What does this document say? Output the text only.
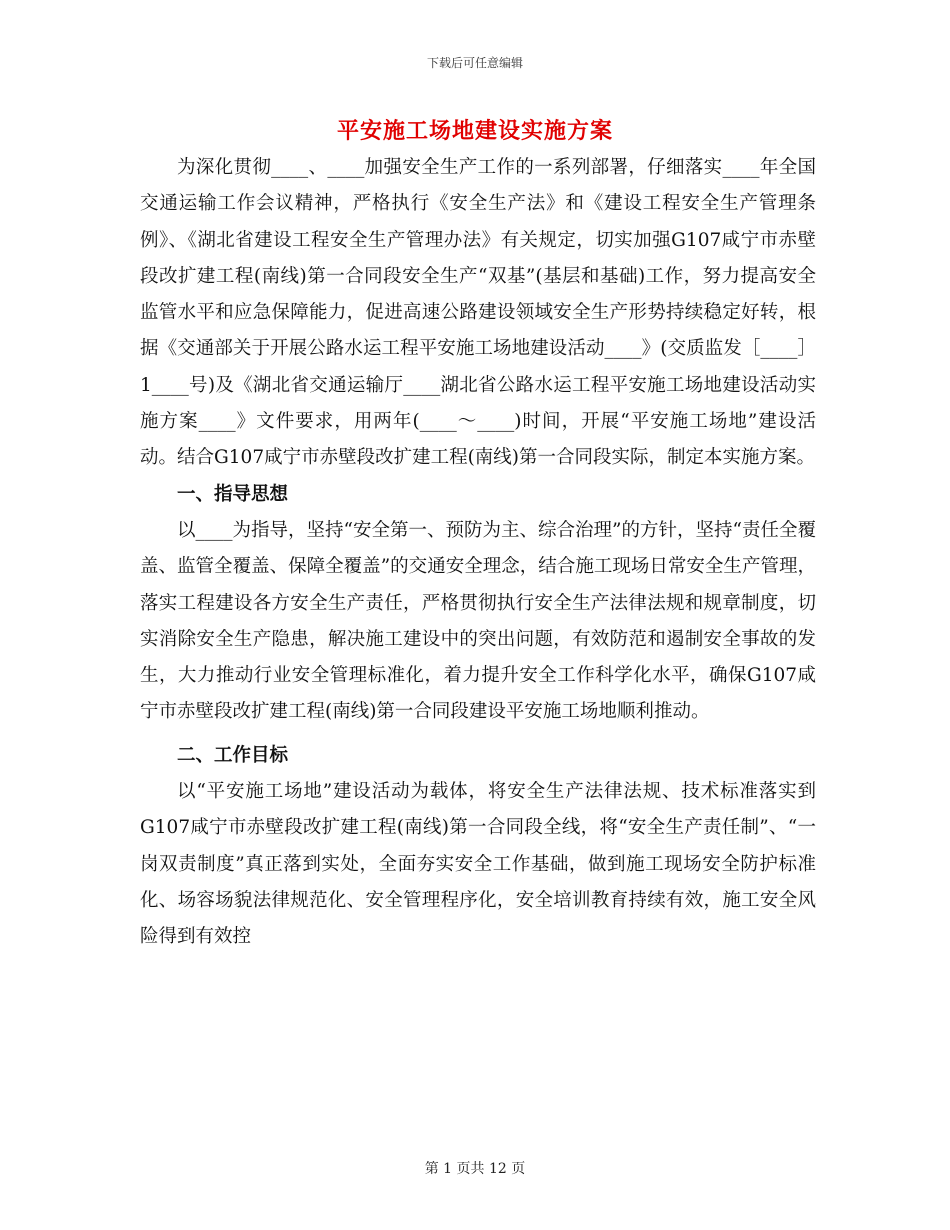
下载后可任意编辑
平安施工场地建设实施方案

为深化贯彻____、____加强安全生产工作的一系列部署，仔细落实____年全国交通运输工作会议精神，严格执行《安全生产法》和《建设工程安全生产管理条例》、《湖北省建设工程安全生产管理办法》有关规定，切实加强G107咸宁市赤壁段改扩建工程(南线)第一合同段安全生产“双基”(基层和基础)工作，努力提高安全监管水平和应急保障能力，促进高速公路建设领域安全生产形势持续稳定好转，根据《交通部关于开展公路水运工程平安施工场地建设活动____》(交质监发［____］1____号)及《湖北省交通运输厅____湖北省公路水运工程平安施工场地建设活动实施方案____》文件要求，用两年(____～____)时间，开展“平安施工场地”建设活动。结合G107咸宁市赤壁段改扩建工程(南线)第一合同段实际，制定本实施方案。

一、指导思想

以____为指导，坚持“安全第一、预防为主、综合治理”的方针，坚持“责任全覆盖、监管全覆盖、保障全覆盖”的交通安全理念，结合施工现场日常安全生产管理，落实工程建设各方安全生产责任，严格贯彻执行安全生产法律法规和规章制度，切实消除安全生产隐患，解决施工建设中的突出问题，有效防范和遏制安全事故的发生，大力推动行业安全管理标准化，着力提升安全工作科学化水平，确保G107咸宁市赤壁段改扩建工程(南线)第一合同段建设平安施工场地顺利推动。

二、工作目标

以“平安施工场地”建设活动为载体，将安全生产法律法规、技术标准落实到G107咸宁市赤壁段改扩建工程(南线)第一合同段全线，将“安全生产责任制”、“一岗双责制度”真正落到实处，全面夯实安全工作基础，做到施工现场安全防护标准化、场容场貌法律规范化、安全管理程序化，安全培训教育持续有效，施工安全风险得到有效控

第 1 页共 12 页
